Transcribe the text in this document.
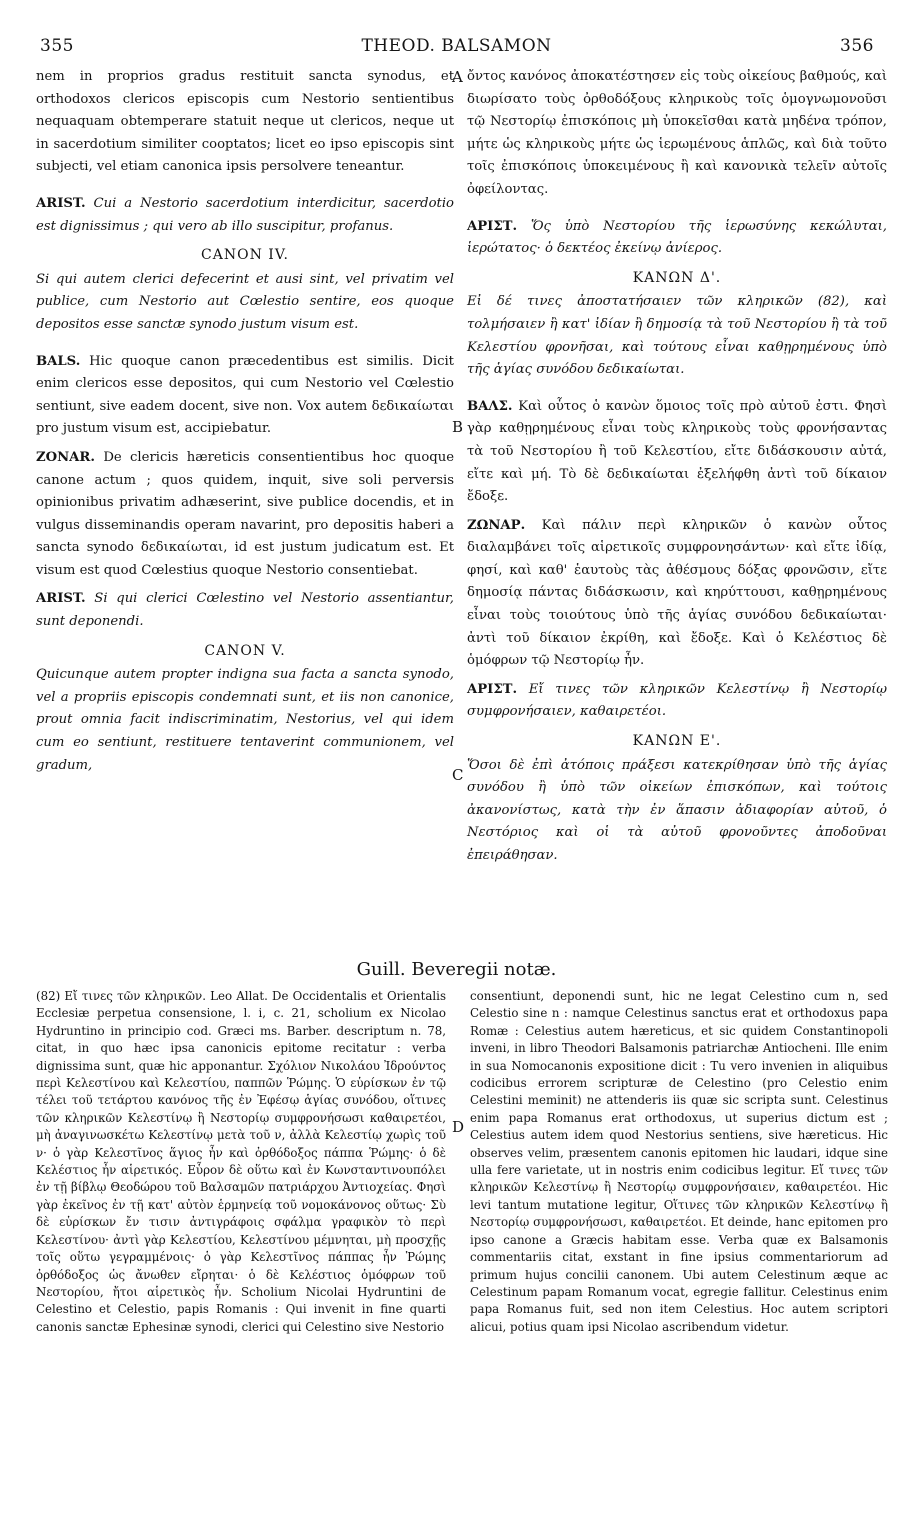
355	THEOD. BALSAMON	356
A
B
C
D

nem in proprios gradus restituit sancta synodus, et orthodoxos clericos episcopis cum Nestorio sentientibus nequaquam obtemperare statuit neque ut clericos, neque ut in sacerdotium similiter cooptatos; licet eo ipso episcopis sint subjecti, vel etiam canonica ipsis persolvere teneantur.

ARIST. Cui a Nestorio sacerdotium interdicitur, sacerdotio est dignissimus ; qui vero ab illo suscipitur, profanus.

CANON IV.

Si qui autem clerici defecerint et ausi sint, vel privatim vel publice, cum Nestorio aut Cœlestio sentire, eos quoque depositos esse sanctæ synodo justum visum est.

BALS. Hic quoque canon præcedentibus est similis. Dicit enim clericos esse depositos, qui cum Nestorio vel Cœlestio sentiunt, sive eadem docent, sive non. Vox autem δεδικαίωται pro justum visum est, accipiebatur.

ZONAR. De clericis hæreticis consentientibus hoc quoque canone actum ; quos quidem, inquit, sive soli perversis opinionibus privatim adhæserint, sive publice docendis, et in vulgus disseminandis operam navarint, pro depositis haberi a sancta synodo δεδικαίωται, id est justum judicatum est. Et visum est quod Cœlestius quoque Nestorio consentiebat.

ARIST. Si qui clerici Cœlestino vel Nestorio assentiantur, sunt deponendi.

CANON V.

Quicunque autem propter indigna sua facta a sancta synodo, vel a propriis episcopis condemnati sunt, et iis non canonice, prout omnia facit indiscriminatim, Nestorius, vel qui idem cum eo sentiunt, restituere tentaverint communionem, vel gradum,

ὄντος κανόνος ἀποκατέστησεν εἰς τοὺς οἰκείους βαθμούς, καὶ διωρίσατο τοὺς ὀρθοδόξους κληρικοὺς τοῖς ὁμογνωμονοῦσι τῷ Νεστορίῳ ἐπισκόποις μὴ ὑποκεῖσθαι κατὰ μηδένα τρόπον, μήτε ὡς κληρικοὺς μήτε ὡς ἱερωμένους ἁπλῶς, καὶ διὰ τοῦτο τοῖς ἐπισκόποις ὑποκειμένους ἢ καὶ κανονικὰ τελεῖν αὐτοῖς ὀφείλοντας.

ΑΡΙΣΤ. Ὅς ὑπὸ Νεστορίου τῆς ἱερωσύνης κεκώλυται, ἱερώτατος· ὁ δεκτέος ἐκείνῳ ἀνίερος.

ΚΑΝΩΝ Δ'.

Εἰ δέ τινες ἀποστατήσαιεν τῶν κληρικῶν (82), καὶ τολμήσαιεν ἢ κατ' ἰδίαν ἢ δημοσίᾳ τὰ τοῦ Νεστορίου ἢ τὰ τοῦ Κελεστίου φρονῆσαι, καὶ τούτους εἶναι καθῃρημένους ὑπὸ τῆς ἁγίας συνόδου δεδικαίωται.

ΒΑΛΣ. Καὶ οὗτος ὁ κανὼν ὅμοιος τοῖς πρὸ αὐτοῦ ἐστι. Φησὶ γὰρ καθῃρημένους εἶναι τοὺς κληρικοὺς τοὺς φρονήσαντας τὰ τοῦ Νεστορίου ἢ τοῦ Κελεστίου, εἴτε διδάσκουσιν αὐτά, εἴτε καὶ μή. Τὸ δὲ δεδικαίωται ἐξελήφθη ἀντὶ τοῦ δίκαιον ἔδοξε.

ΖΩΝΑΡ. Καὶ πάλιν περὶ κληρικῶν ὁ κανὼν οὗτος διαλαμβάνει τοῖς αἱρετικοῖς συμφρονησάντων· καὶ εἴτε ἰδίᾳ, φησί, καὶ καθ' ἑαυτοὺς τὰς ἀθέσμους δόξας φρονῶσιν, εἴτε δημοσίᾳ πάντας διδάσκωσιν, καὶ κηρύττουσι, καθῃρημένους εἶναι τοὺς τοιούτους ὑπὸ τῆς ἁγίας συνόδου δεδικαίωται· ἀντὶ τοῦ δίκαιον ἐκρίθη, καὶ ἔδοξε. Καὶ ὁ Κελέστιος δὲ ὁμόφρων τῷ Νεστορίῳ ἦν.

ΑΡΙΣΤ. Εἴ τινες τῶν κληρικῶν Κελεστίνῳ ἢ Νεστορίῳ συμφρονήσαιεν, καθαιρετέοι.

ΚΑΝΩΝ Ε'.

Ὅσοι δὲ ἐπὶ ἀτόποις πράξεσι κατεκρίθησαν ὑπὸ τῆς ἁγίας συνόδου ἢ ὑπὸ τῶν οἰκείων ἐπισκόπων, καὶ τούτοις ἀκανονίστως, κατὰ τὴν ἐν ἅπασιν ἀδιαφορίαν αὐτοῦ, ὁ Νεστόριος καὶ οἱ τὰ αὐτοῦ φρονοῦντες ἀποδοῦναι ἐπειράθησαν.

Guill. Beveregii notæ.

(82) Εἴ τινες τῶν κληρικῶν. Leo Allat. De Occidentalis et Orientalis Ecclesiæ perpetua consensione, l. i, c. 21, scholium ex Nicolao Hydruntino in principio cod. Græci ms. Barber. descriptum n. 78, citat, in quo hæc ipsa canonicis epitome recitatur : verba dignissima sunt, quæ hic apponantur. Σχόλιον Νικολάου Ἰδρούντος περὶ Κελεστίνου καὶ Κελεστίου, παππῶν Ῥώμης. Ὁ εὑρίσκων ἐν τῷ τέλει τοῦ τετάρτου κανόνος τῆς ἐν Ἐφέσῳ ἁγίας συνόδου, οἵτινες τῶν κληρικῶν Κελεστίνῳ ἢ Νεστορίῳ συμφρονήσωσι καθαιρετέοι, μὴ ἀναγινωσκέτω Κελεστίνῳ μετὰ τοῦ ν, ἀλλὰ Κελεστίῳ χωρὶς τοῦ ν· ὁ γὰρ Κελεστῖνος ἅγιος ἦν καὶ ὀρθόδοξος πάππα Ῥώμης· ὁ δὲ Κελέστιος ἦν αἱρετικός. Εὗρον δὲ οὕτω καὶ ἐν Κωνσταντινουπόλει ἐν τῇ βίβλῳ Θεοδώρου τοῦ Βαλσαμῶν πατριάρχου Ἀντιοχείας. Φησὶ γὰρ ἐκεῖνος ἐν τῇ κατ' αὐτὸν ἑρμηνείᾳ τοῦ νομοκάνονος οὕτως· Σὺ δὲ εὑρίσκων ἔν τισιν ἀντιγράφοις σφάλμα γραφικὸν τὸ περὶ Κελεστίνου· ἀντὶ γὰρ Κελεστίου, Κελεστίνου μέμνηται, μὴ προσχῇς τοῖς οὕτω γεγραμμένοις· ὁ γὰρ Κελεστῖνος πάππας ἦν Ῥώμης ὀρθόδοξος ὡς ἄνωθεν εἴρηται· ὁ δὲ Κελέστιος ὁμόφρων τοῦ Νεστορίου, ἤτοι αἱρετικὸς ἦν. Scholium Nicolai Hydruntini de Celestino et Celestio, papis Romanis : Qui invenit in fine quarti canonis sanctæ Ephesinæ synodi, clerici qui Celestino sive Nestorio

consentiunt, deponendi sunt, hic ne legat Celestino cum n, sed Celestio sine n : namque Celestinus sanctus erat et orthodoxus papa Romæ : Celestius autem hæreticus, et sic quidem Constantinopoli inveni, in libro Theodori Balsamonis patriarchæ Antiocheni. Ille enim in sua Nomocanonis expositione dicit : Tu vero invenien in aliquibus codicibus errorem scripturæ de Celestino (pro Celestio enim Celestini meminit) ne attenderis iis quæ sic scripta sunt. Celestinus enim papa Romanus erat orthodoxus, ut superius dictum est ; Celestius autem idem quod Nestorius sentiens, sive hæreticus. Hic observes velim, præsentem canonis epitomen hic laudari, idque sine ulla fere varietate, ut in nostris enim codicibus legitur. Εἴ τινες τῶν κληρικῶν Κελεστίνῳ ἢ Νεστορίῳ συμφρονήσαιεν, καθαιρετέοι. Hic levi tantum mutatione legitur, Οἵτινες τῶν κληρικῶν Κελεστίνῳ ἢ Νεστορίῳ συμφρονήσωσι, καθαιρετέοι. Et deinde, hanc epitomen pro ipso canone a Græcis habitam esse. Verba quæ ex Balsamonis commentariis citat, exstant in fine ipsius commentariorum ad primum hujus concilii canonem. Ubi autem Celestinum æque ac Celestinum papam Romanum vocat, egregie fallitur. Celestinus enim papa Romanus fuit, sed non item Celestius. Hoc autem scriptori alicui, potius quam ipsi Nicolao ascribendum videtur.
